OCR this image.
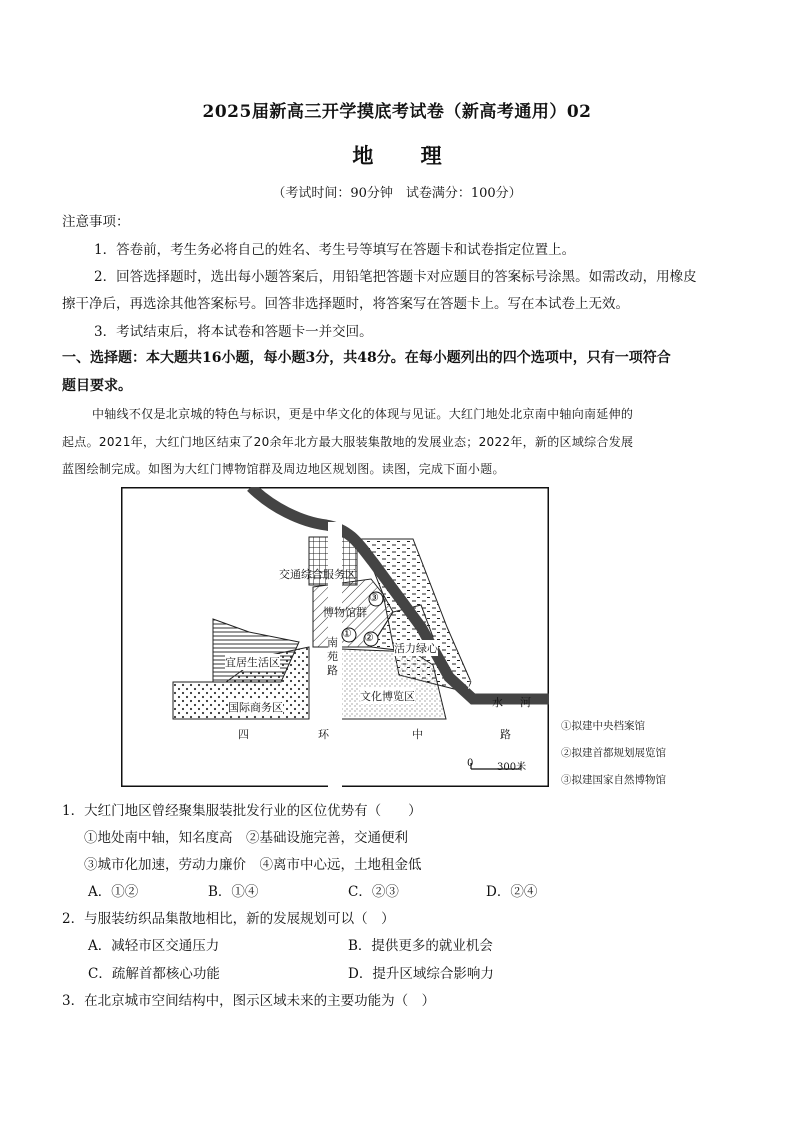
2025届新高三开学摸底考试卷（新高考通用）02
地 理
（考试时间：90分钟　试卷满分：100分）
注意事项：
1．答卷前，考生务必将自己的姓名、考生号等填写在答题卡和试卷指定位置上。
2．回答选择题时，选出每小题答案后，用铅笔把答题卡对应题目的答案标号涂黑。如需改动，用橡皮
擦干净后，再选涂其他答案标号。回答非选择题时，将答案写在答题卡上。写在本试卷上无效。
3．考试结束后，将本试卷和答题卡一并交回。
一、选择题：本大题共16小题，每小题3分，共48分。在每小题列出的四个选项中，只有一项符合
题目要求。
中轴线不仅是北京城的特色与标识，更是中华文化的体现与见证。大红门地处北京南中轴向南延伸的
起点。2021年，大红门地区结束了20余年北方最大服装集散地的发展业态；2022年，新的区域综合发展
蓝图绘制完成。如图为大红门博物馆群及周边地区规划图。读图，完成下面小题。
交通综合服务区
博物馆群
南
苑
路
活力绿心
宜居生活区
文化博览区
国际商务区
凉
水 河
四	环	中	路
③
① ②
0 300米
①拟建中央档案馆
②拟建首都规划展览馆
③拟建国家自然博物馆
1．大红门地区曾经聚集服装批发行业的区位优势有（　　）
①地处南中轴，知名度高　②基础设施完善，交通便利
③城市化加速，劳动力廉价　④离市中心远，土地租金低
A．①②	B．①④	C．②③	D．②④
2．与服装纺织品集散地相比，新的发展规划可以（　）
A．减轻市区交通压力	B．提供更多的就业机会
C．疏解首都核心功能	D．提升区域综合影响力
3．在北京城市空间结构中，图示区域未来的主要功能为（　）
